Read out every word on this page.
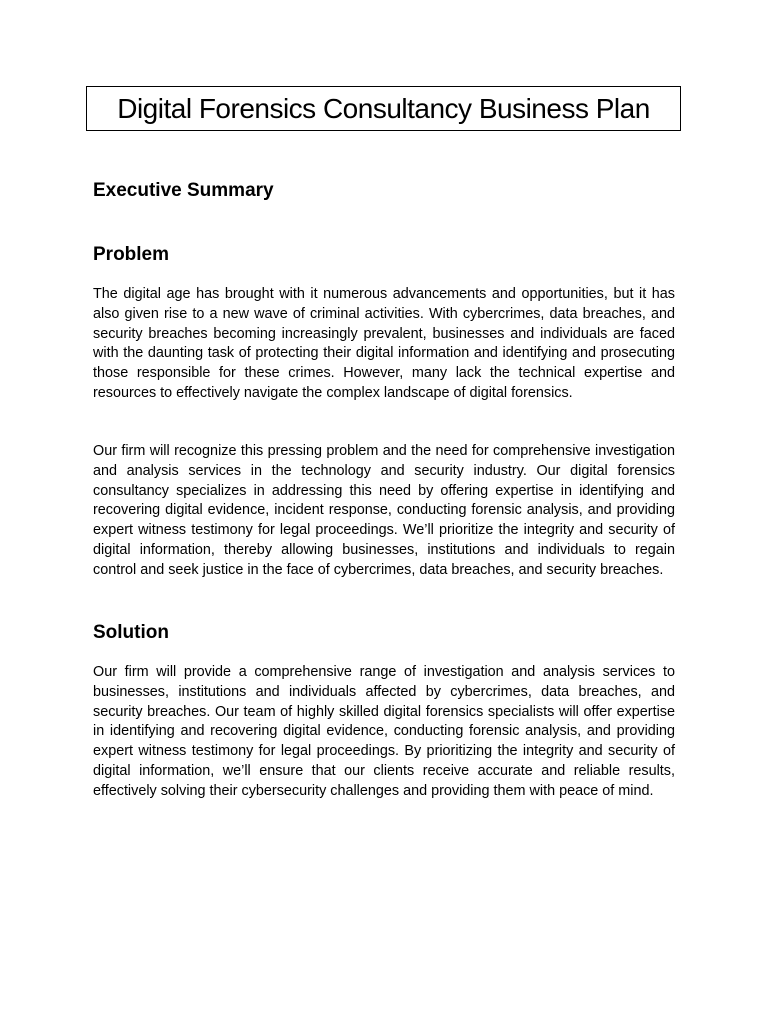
Digital Forensics Consultancy Business Plan
Executive Summary
Problem

The digital age has brought with it numerous advancements and opportunities, but it has also given rise to a new wave of criminal activities. With cybercrimes, data breaches, and security breaches becoming increasingly prevalent, businesses and individuals are faced with the daunting task of protecting their digital information and identifying and prosecuting those responsible for these crimes. However, many lack the technical expertise and resources to effectively navigate the complex landscape of digital forensics.

Our firm will recognize this pressing problem and the need for comprehensive investigation and analysis services in the technology and security industry. Our digital forensics consultancy specializes in addressing this need by offering expertise in identifying and recovering digital evidence, incident response, conducting forensic analysis, and providing expert witness testimony for legal proceedings. We’ll prioritize the integrity and security of digital information, thereby allowing businesses, institutions and individuals to regain control and seek justice in the face of cybercrimes, data breaches, and security breaches.

Solution

Our firm will provide a comprehensive range of investigation and analysis services to businesses, institutions and individuals affected by cybercrimes, data breaches, and security breaches. Our team of highly skilled digital forensics specialists will offer expertise in identifying and recovering digital evidence, conducting forensic analysis, and providing expert witness testimony for legal proceedings. By prioritizing the integrity and security of digital information, we’ll ensure that our clients receive accurate and reliable results, effectively solving their cybersecurity challenges and providing them with peace of mind.
